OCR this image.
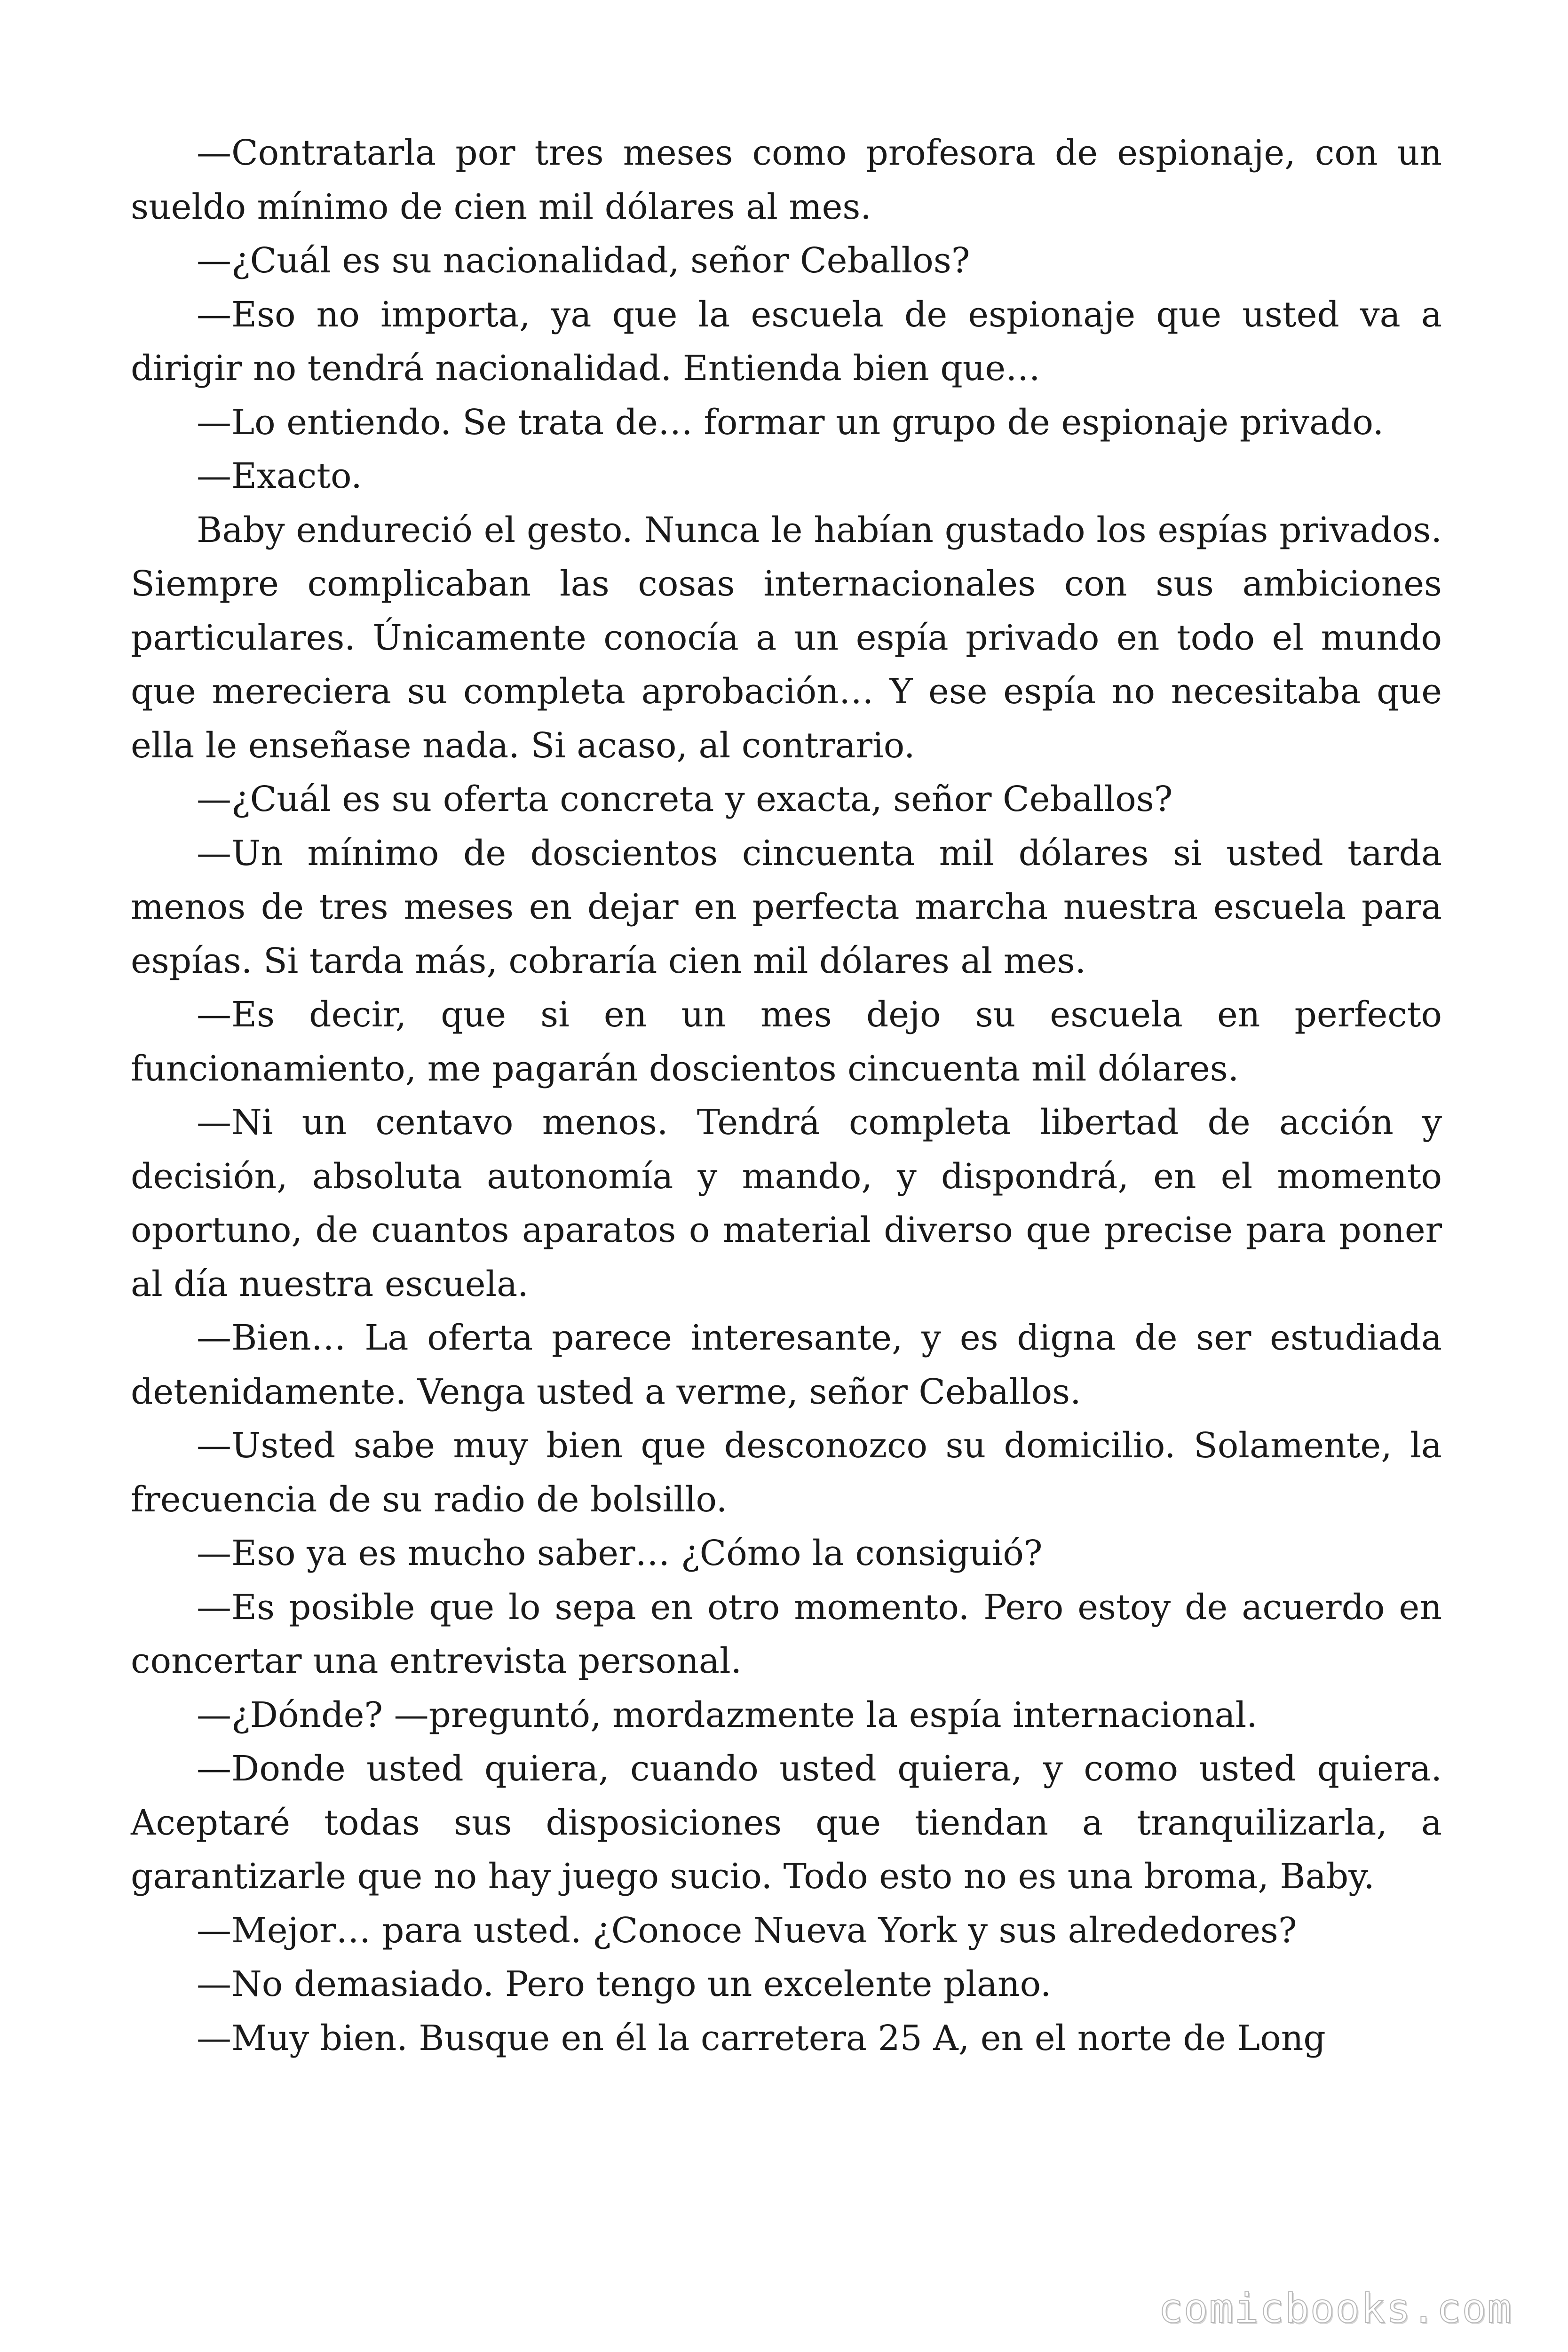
—Contratarla por tres meses como profesora de espionaje, con un sueldo mínimo de cien mil dólares al mes.

—¿Cuál es su nacionalidad, señor Ceballos?

—Eso no importa, ya que la escuela de espionaje que usted va a dirigir no tendrá nacionalidad. Entienda bien que…

—Lo entiendo. Se trata de… formar un grupo de espionaje privado.

—Exacto.

Baby endureció el gesto. Nunca le habían gustado los espías privados. Siempre complicaban las cosas internacionales con sus ambiciones particulares. Únicamente conocía a un espía privado en todo el mundo que mereciera su completa aprobación… Y ese espía no necesitaba que ella le enseñase nada. Si acaso, al contrario.

—¿Cuál es su oferta concreta y exacta, señor Ceballos?

—Un mínimo de doscientos cincuenta mil dólares si usted tarda menos de tres meses en dejar en perfecta marcha nuestra escuela para espías. Si tarda más, cobraría cien mil dólares al mes.

—Es decir, que si en un mes dejo su escuela en perfecto funcionamiento, me pagarán doscientos cincuenta mil dólares.

—Ni un centavo menos. Tendrá completa libertad de acción y decisión, absoluta autonomía y mando, y dispondrá, en el momento oportuno, de cuantos aparatos o material diverso que precise para poner al día nuestra escuela.

—Bien… La oferta parece interesante, y es digna de ser estudiada detenidamente. Venga usted a verme, señor Ceballos.

—Usted sabe muy bien que desconozco su domicilio. Solamente, la frecuencia de su radio de bolsillo.

—Eso ya es mucho saber… ¿Cómo la consiguió?

—Es posible que lo sepa en otro momento. Pero estoy de acuerdo en concertar una entrevista personal.

—¿Dónde? —preguntó, mordazmente la espía internacional.

—Donde usted quiera, cuando usted quiera, y como usted quiera. Aceptaré todas sus disposiciones que tiendan a tranquilizarla, a garantizarle que no hay juego sucio. Todo esto no es una broma, Baby.

—Mejor… para usted. ¿Conoce Nueva York y sus alrededores?

—No demasiado. Pero tengo un excelente plano.

—Muy bien. Busque en él la carretera 25 A, en el norte de Long

comicbooks.com
